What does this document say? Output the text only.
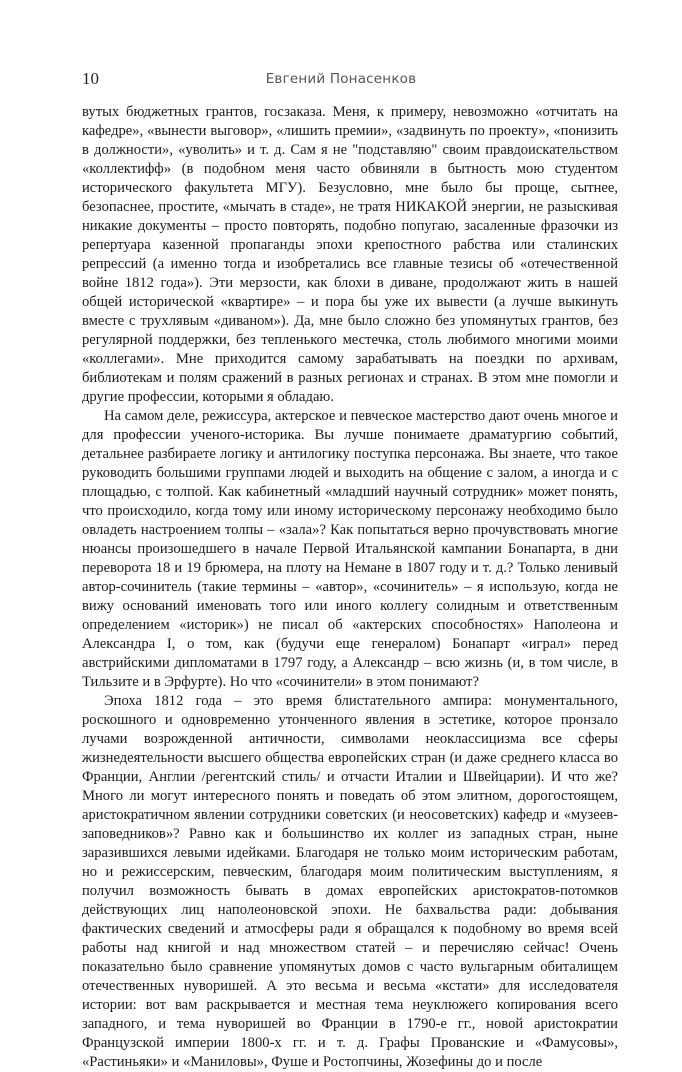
10	Евгений Понасенков

вутых бюджетных грантов, госзаказа. Меня, к примеру, невозможно «отчитать на кафедре», «вынести выговор», «лишить премии», «задвинуть по проекту», «понизить в должности», «уволить» и т. д. Сам я не "подставляю" своим правдоискательством «коллектифф» (в подобном меня часто обвиняли в бытность мою студентом исторического факультета МГУ). Безусловно, мне было бы проще, сытнее, безопаснее, простите, «мычать в стаде», не тратя НИКАКОЙ энергии, не разыскивая никакие документы – просто повторять, подобно попугаю, засаленные фразочки из репертуара казенной пропаганды эпохи крепостного рабства или сталинских репрессий (а именно тогда и изобретались все главные тезисы об «отечественной войне 1812 года»). Эти мерзости, как блохи в диване, продолжают жить в нашей общей исторической «квартире» – и пора бы уже их вывести (а лучше выкинуть вместе с трухлявым «диваном»). Да, мне было сложно без упомянутых грантов, без регулярной поддержки, без тепленького местечка, столь любимого многими моими «коллегами». Мне приходится самому зарабатывать на поездки по архивам, библиотекам и полям сражений в разных регионах и странах. В этом мне помогли и другие профессии, которыми я обладаю.

На самом деле, режиссура, актерское и певческое мастерство дают очень многое и для профессии ученого-историка. Вы лучше понимаете драматургию событий, детальнее разбираете логику и антилогику поступка персонажа. Вы знаете, что такое руководить большими группами людей и выходить на общение с залом, а иногда и с площадью, с толпой. Как кабинетный «младший научный сотрудник» может понять, что происходило, когда тому или иному историческому персонажу необходимо было овладеть настроением толпы – «зала»? Как попытаться верно прочувствовать многие нюансы произошедшего в начале Первой Итальянской кампании Бонапарта, в дни переворота 18 и 19 брюмера, на плоту на Немане в 1807 году и т. д.? Только ленивый автор-сочинитель (такие термины – «автор», «сочинитель» – я использую, когда не вижу оснований именовать того или иного коллегу солидным и ответственным определением «историк») не писал об «актерских способностях» Наполеона и Александра I, о том, как (будучи еще генералом) Бонапарт «играл» перед австрийскими дипломатами в 1797 году, а Александр – всю жизнь (и, в том числе, в Тильзите и в Эрфурте). Но что «сочинители» в этом понимают?

Эпоха 1812 года – это время блистательного ампира: монументального, роскошного и одновременно утонченного явления в эстетике, которое пронзало лучами возрожденной античности, символами неоклассицизма все сферы жизнедеятельности высшего общества европейских стран (и даже среднего класса во Франции, Англии /регентский стиль/ и отчасти Италии и Швейцарии). И что же? Много ли могут интересного понять и поведать об этом элитном, дорогостоящем, аристократичном явлении сотрудники советских (и неосоветских) кафедр и «музеев-заповедников»? Равно как и большинство их коллег из западных стран, ныне заразившихся левыми идейками. Благодаря не только моим историческим работам, но и режиссерским, певческим, благодаря моим политическим выступлениям, я получил возможность бывать в домах европейских аристократов-потомков действующих лиц наполеоновской эпохи. Не бахвальства ради: добывания фактических сведений и атмосферы ради я обращался к подобному во время всей работы над книгой и над множеством статей – и перечисляю сейчас! Очень показательно было сравнение упомянутых домов с часто вульгарным обиталищем отечественных нуворишей. А это весьма и весьма «кстати» для исследователя истории: вот вам раскрывается и местная тема неуклюжего копирования всего западного, и тема нуворишей во Франции в 1790-е гг., новой аристократии Французской империи 1800-х гг. и т. д. Графы Прованские и «Фамусовы», «Растиньяки» и «Маниловы», Фуше и Ростопчины, Жозефины до и после
